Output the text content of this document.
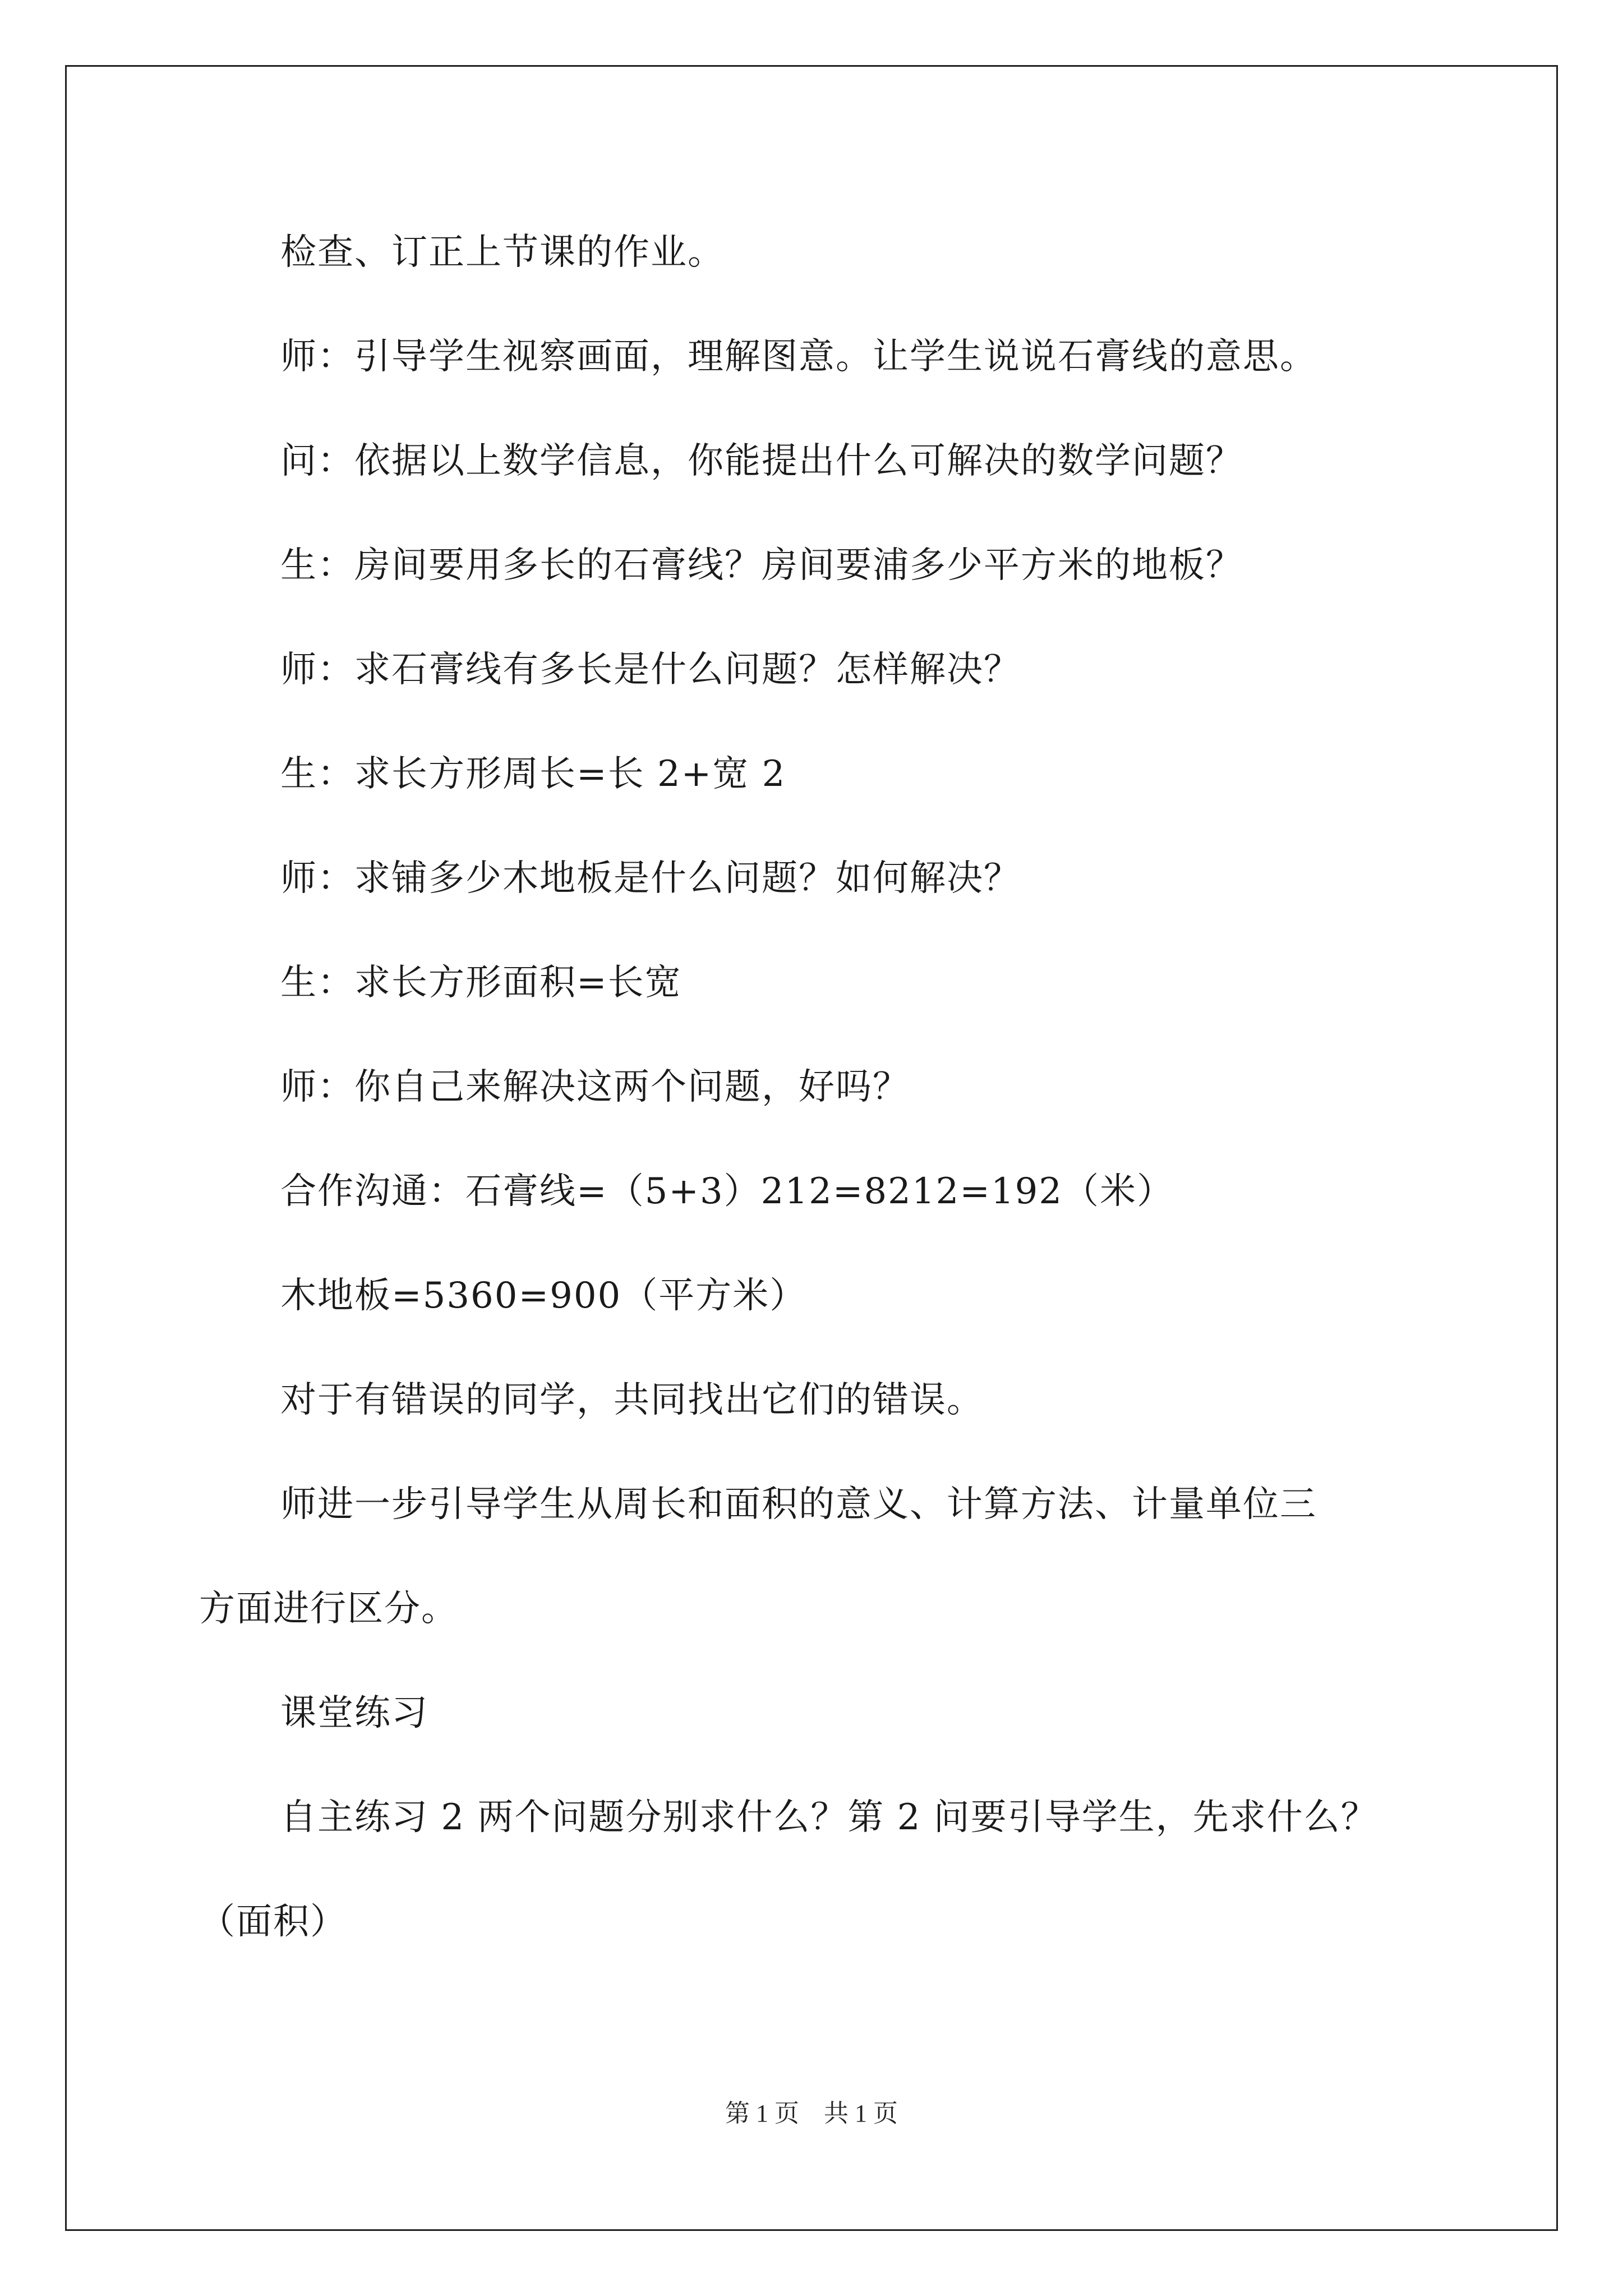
检查、订正上节课的作业。
师：引导学生视察画面，理解图意。让学生说说石膏线的意思。
问：依据以上数学信息，你能提出什么可解决的数学问题？
生：房间要用多长的石膏线？房间要浦多少平方米的地板？
师：求石膏线有多长是什么问题？怎样解决？
生：求长方形周长=长 2+宽 2
师：求铺多少木地板是什么问题？如何解决？
生：求长方形面积=长宽
师：你自己来解决这两个问题，好吗？
合作沟通：石膏线=（5+3）212=8212=192（米）
木地板=5360=900（平方米）
对于有错误的同学，共同找出它们的错误。
师进一步引导学生从周长和面积的意义、计算方法、计量单位三
方面进行区分。
课堂练习
自主练习 2 两个问题分别求什么？第 2 问要引导学生，先求什么？
（面积）
第 1 页　共 1 页
